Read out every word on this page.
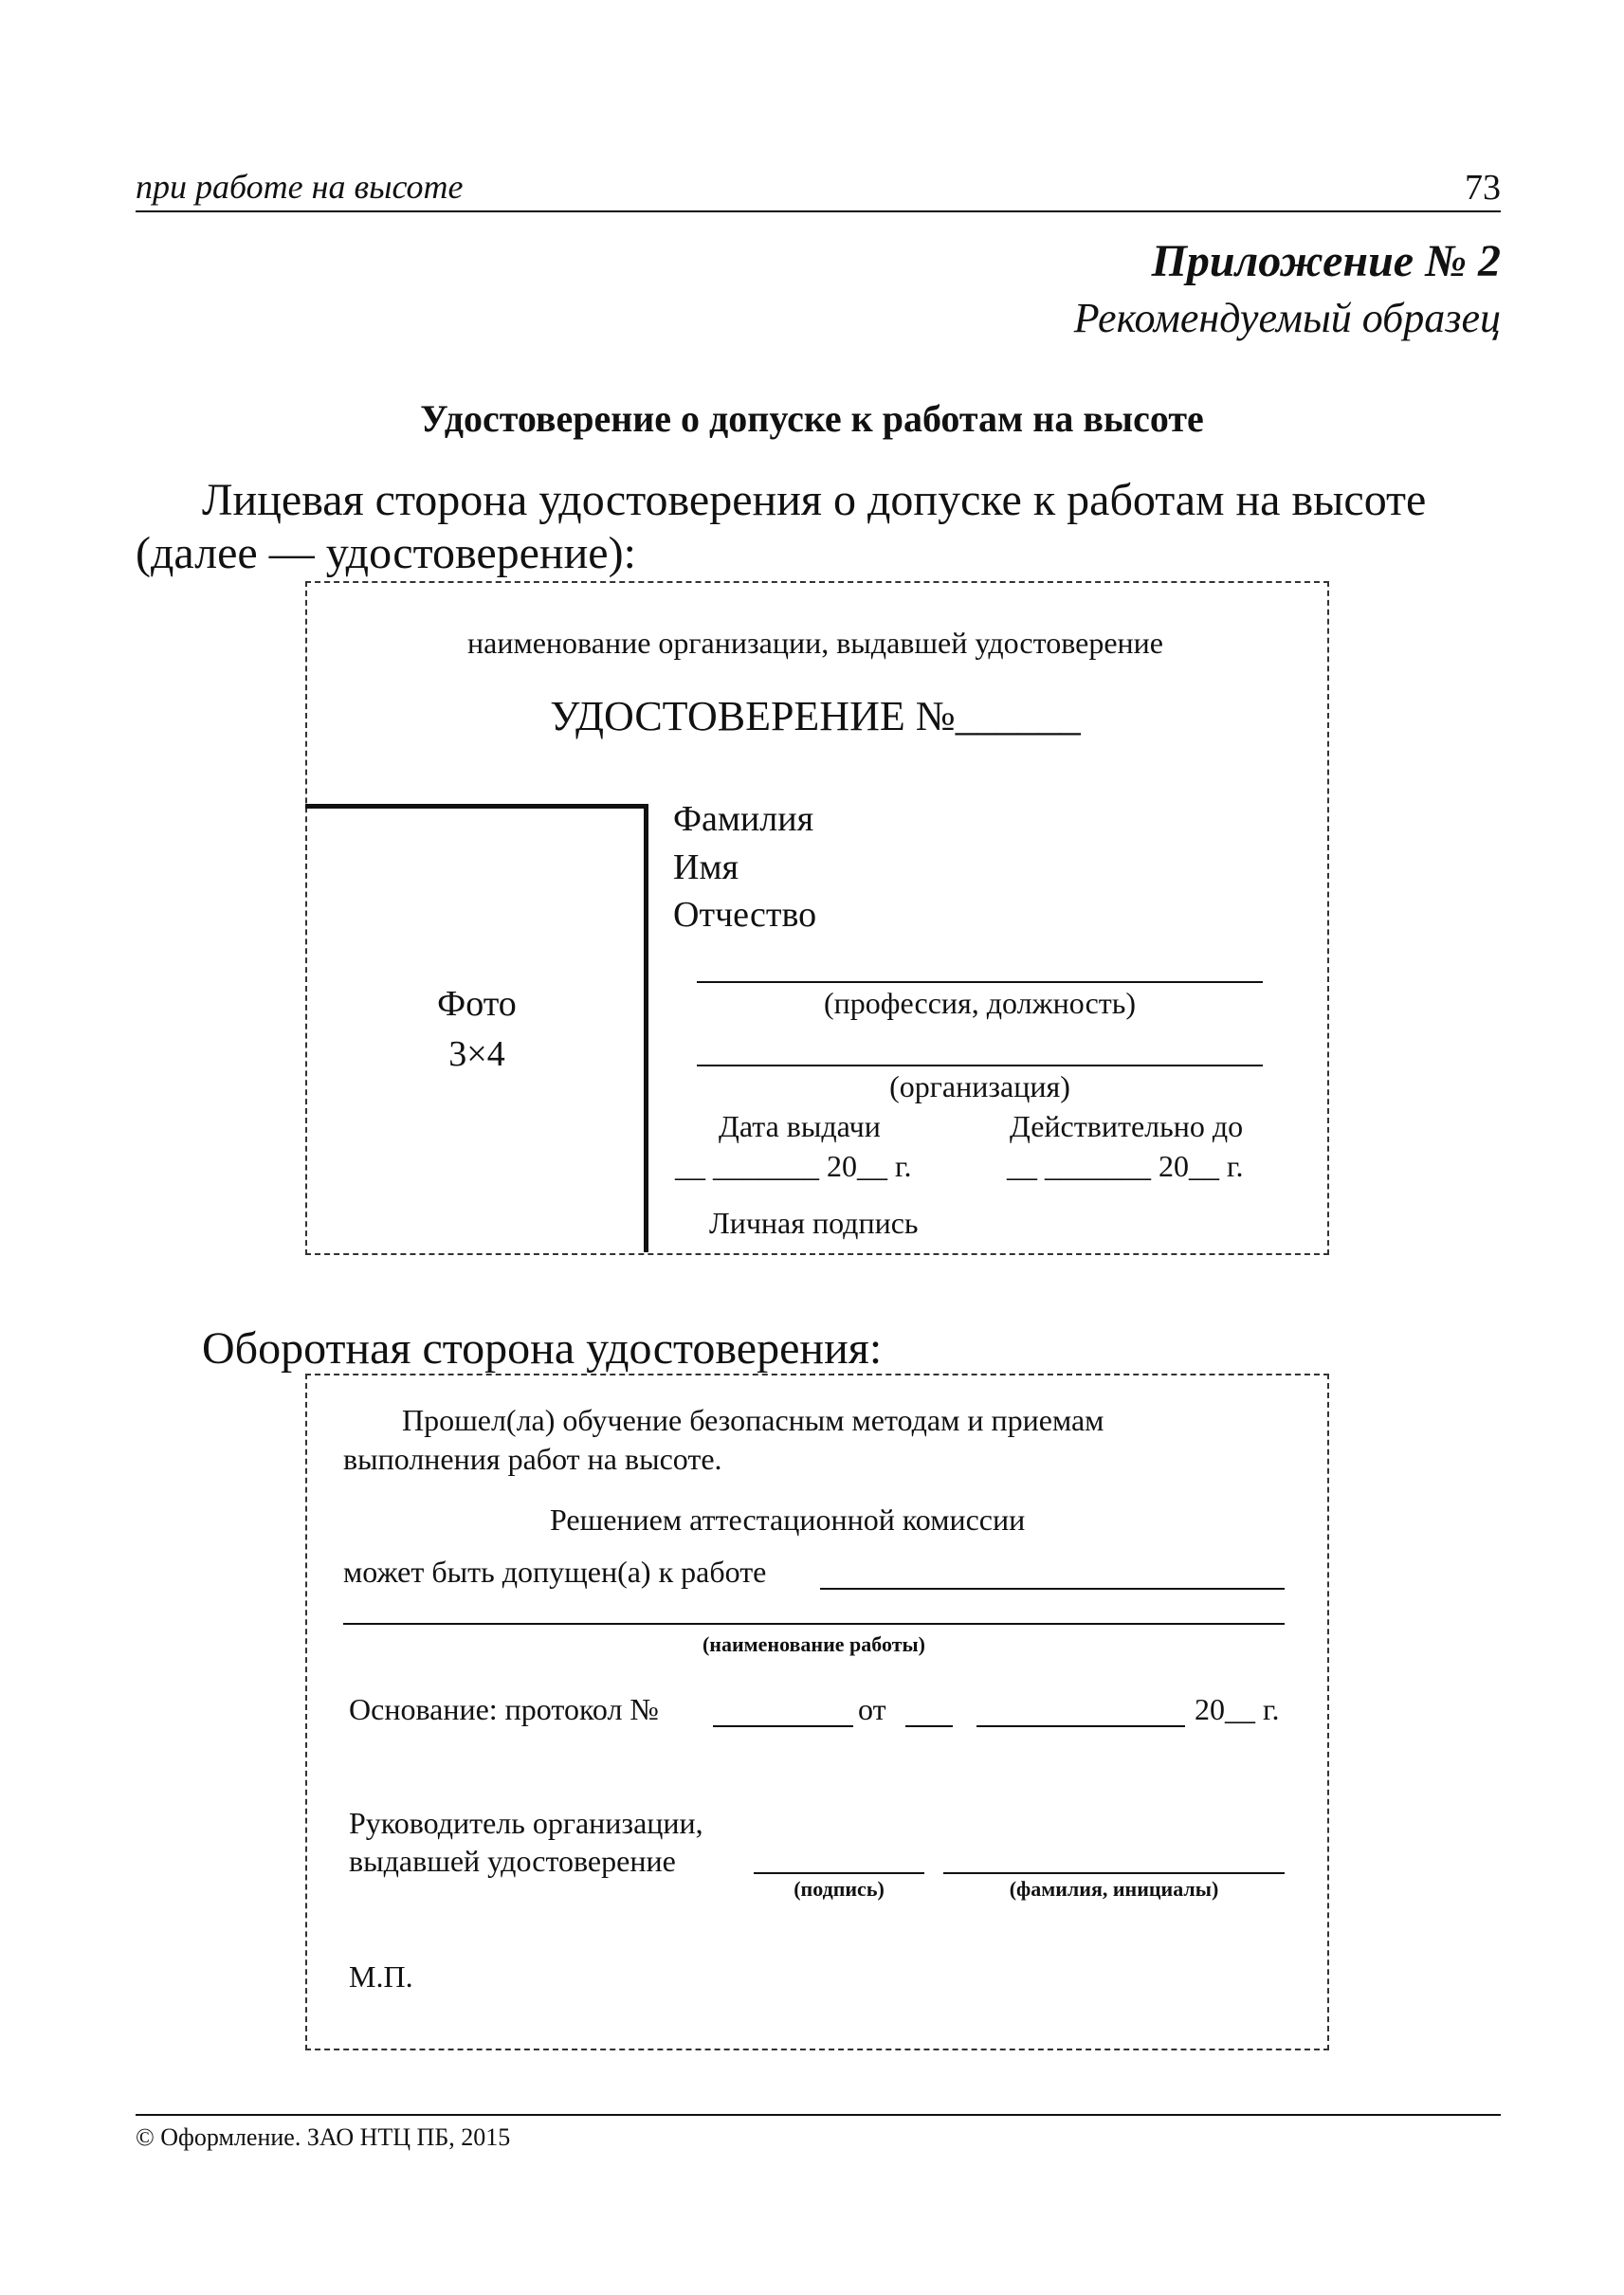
при работе на высоте	73
Приложение № 2
Рекомендуемый образец
Удостоверение о допуске к работам на высоте
Лицевая сторона удостоверения о допуске к работам на высоте
(далее — удостоверение):
наименование организации, выдавшей удостоверение
УДОСТОВЕРЕНИЕ №______
Фото
3×4
Фамилия
Имя
Отчество
(профессия, должность)
(организация)
Дата выдачи	Действительно до
__ _______ 20__ г.	__ _______ 20__ г.
Личная подпись
Оборотная сторона удостоверения:
Прошел(ла) обучение безопасным методам и приемам
выполнения работ на высоте.
Решением аттестационной комиссии
может быть допущен(а) к работе
(наименование работы)
Основание: протокол №	от	20__ г.
Руководитель организации,
выдавшей удостоверение
(подпись)	(фамилия, инициалы)
М.П.
© Оформление. ЗАО НТЦ ПБ, 2015
